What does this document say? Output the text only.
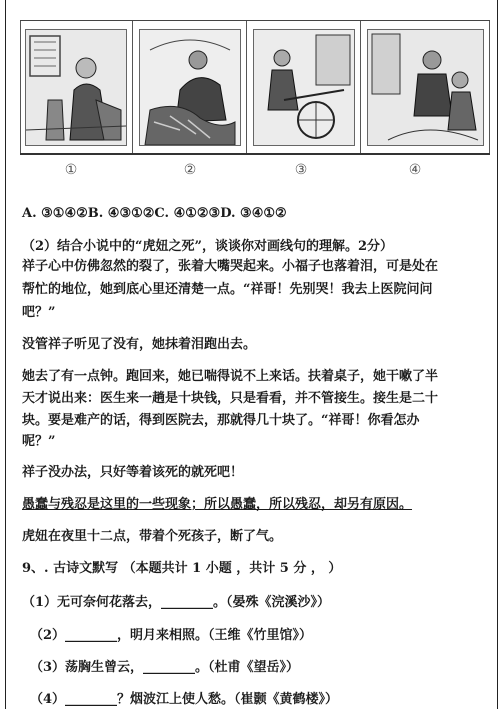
①	②	③	④
A. ③①④②B. ④③①②C. ④①②③D. ③④①②
（2）结合小说中的“虎妞之死”，谈谈你对画线句的理解。2分）
祥子心中仿佛忽然的裂了，张着大嘴哭起来。小福子也落着泪，可是处在
帮忙的地位，她到底心里还清楚一点。“祥哥！先别哭！我去上医院问问
吧？”
没管祥子听见了没有，她抹着泪跑出去。
她去了有一点钟。跑回来，她已喘得说不上来话。扶着桌子，她干嗽了半
天才说出来：医生来一趟是十块钱，只是看看，并不管接生。接生是二十
块。要是难产的话，得到医院去，那就得几十块了。“祥哥！你看怎办
呢？”
祥子没办法，只好等着该死的就死吧！
愚蠢与残忍是这里的一些现象；所以愚蠢，所以残忍，却另有原因。
虎妞在夜里十二点，带着个死孩子，断了气。
9、. 古诗文默写 （本题共计 1 小题 ，共计 5 分 ， ）
（1）无可奈何花落去，________。（晏殊《浣溪沙》）
（2）________，明月来相照。（王维《竹里馆》）
（3）荡胸生曾云，________。（杜甫《望岳》）
（4）________？烟波江上使人愁。（崔颢《黄鹤楼》）
